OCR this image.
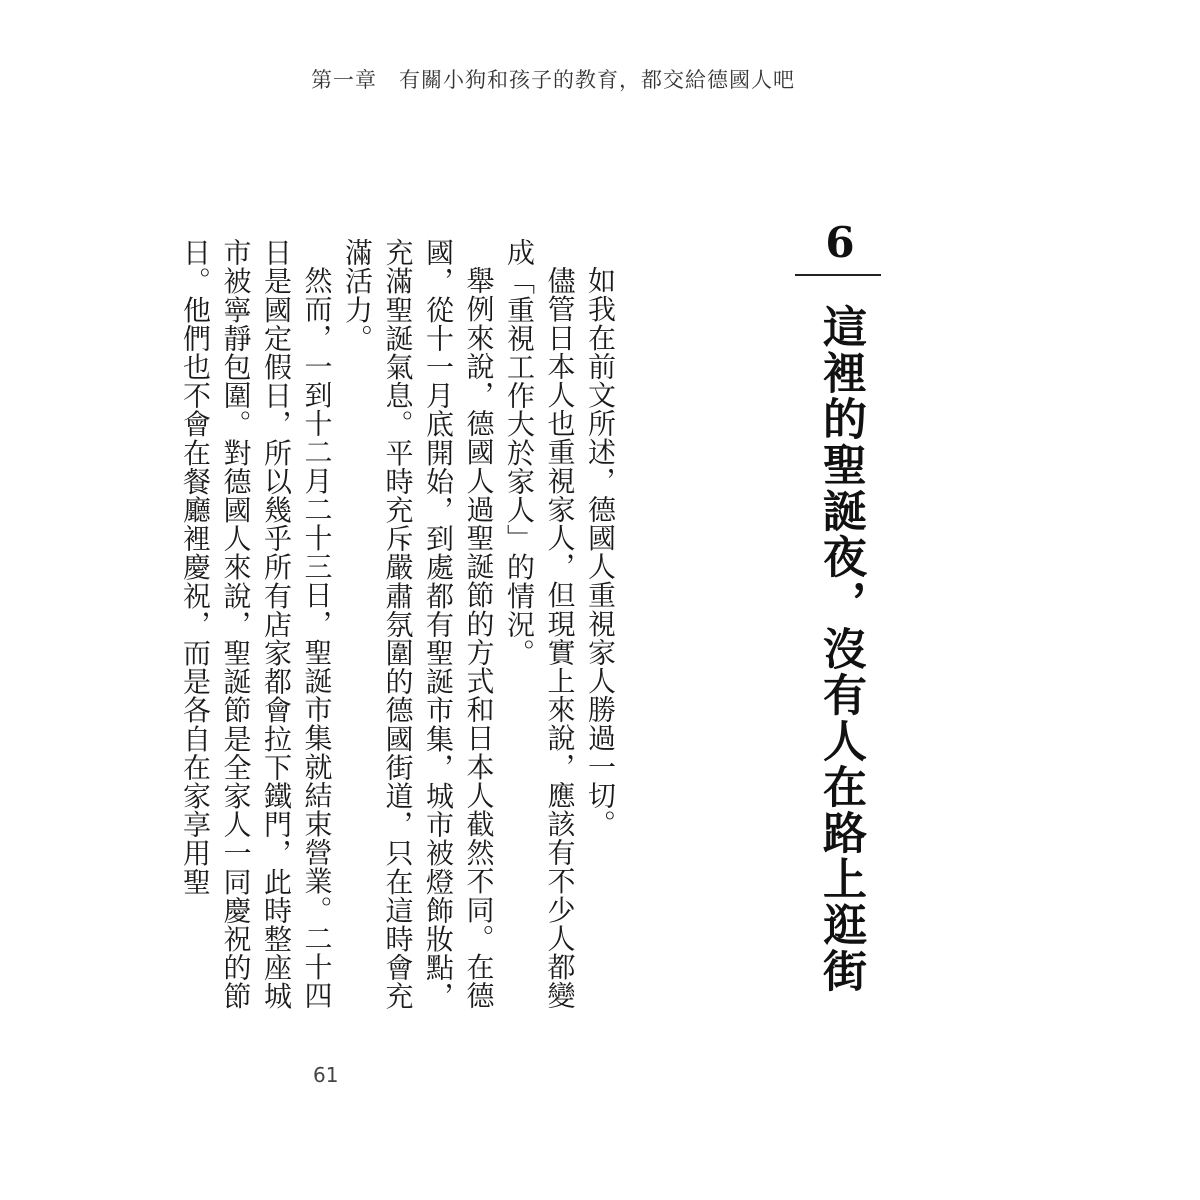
第一章　有關小狗和孩子的教育，都交給德國人吧
6
這裡的聖誕夜，沒有人在路上逛街

如我在前文所述，德國人重視家人勝過一切。

儘管日本人也重視家人，但現實上來說，應該有不少人都變成「重視工作大於家人」的情況。

舉例來說，德國人過聖誕節的方式和日本人截然不同。在德國，從十一月底開始，到處都有聖誕市集，城市被燈飾妝點，充滿聖誕氣息。平時充斥嚴肅氛圍的德國街道，只在這時會充滿活力。

然而，一到十二月二十三日，聖誕市集就結束營業。二十四日是國定假日，所以幾乎所有店家都會拉下鐵門，此時整座城市被寧靜包圍。對德國人來說，聖誕節是全家人一同慶祝的節日。他們也不會在餐廳裡慶祝，而是各自在家享用聖

61
